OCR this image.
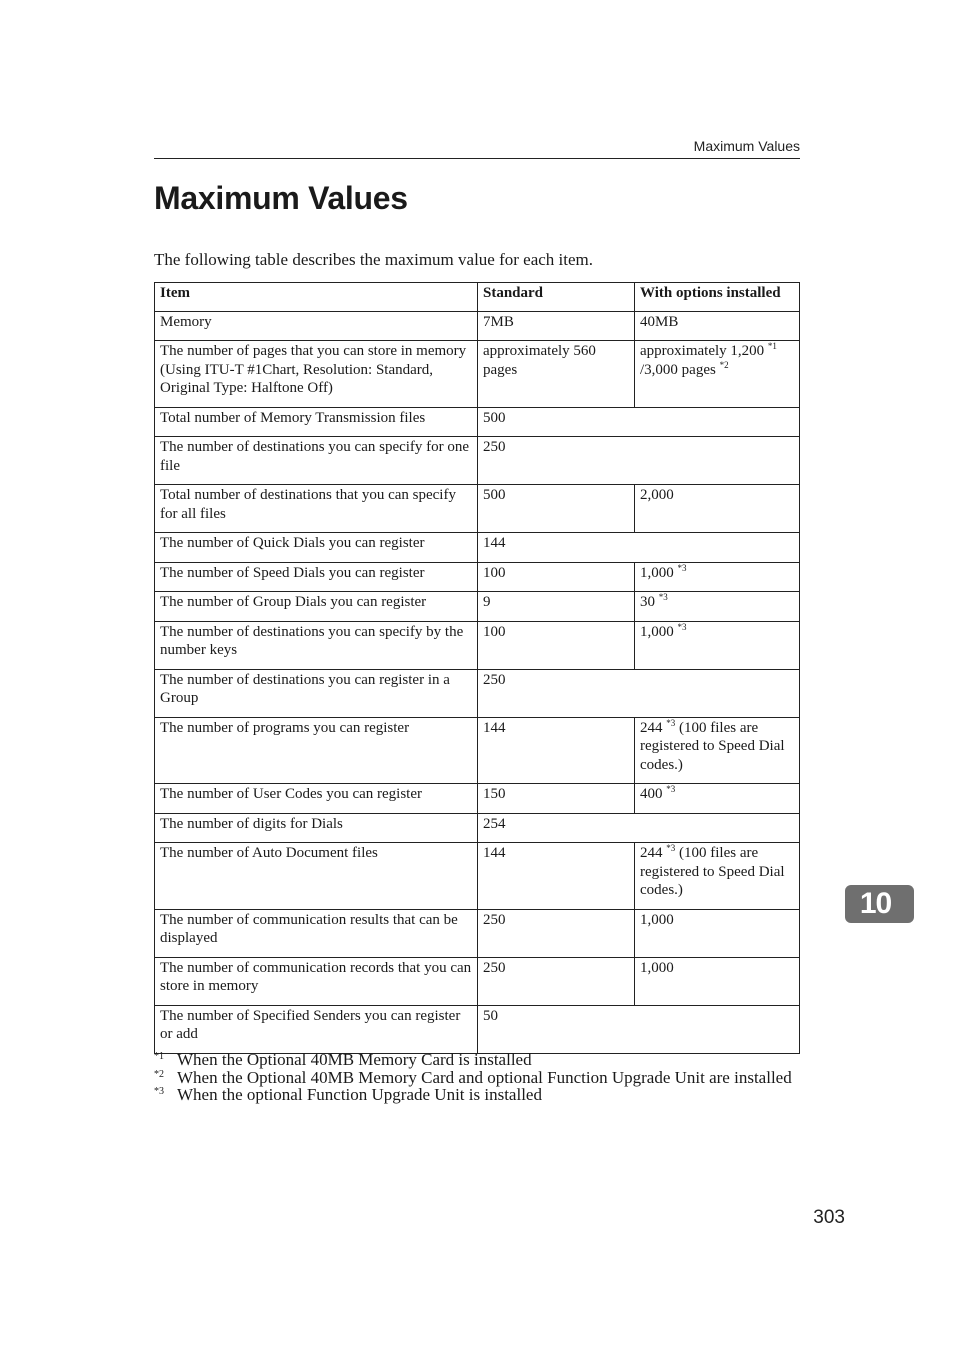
Maximum Values
Maximum Values
The following table describes the maximum value for each item.
Item	Standard	With options installed
Memory	7MB	40MB
The number of pages that you can store in memory (Using ITU-T #1Chart, Resolution: Standard, Original Type: Halftone Off)	approximately 560 pages	approximately 1,200 $^{*1}$
/3,000 pages $^{*2}$
Total number of Memory Transmission files	500	
The number of destinations you can specify for one file	250	
Total number of destinations that you can specify for all files	500	2,000
The number of Quick Dials you can register	144	
The number of Speed Dials you can register	100	1,000 $^{*3}$
The number of Group Dials you can register	9	30 $^{*3}$
The number of destinations you can specify by the number keys	100	1,000 $^{*3}$
The number of destinations you can register in a Group	250	
The number of programs you can register	144	244 $^{*3}$ (100 files are registered to Speed Dial codes.)
The number of User Codes you can register	150	400 $^{*3}$
The number of digits for Dials	254	
The number of Auto Document files	144	244 $^{*3}$ (100 files are registered to Speed Dial codes.)
The number of communication results that can be displayed	250	1,000
The number of communication records that you can store in memory	250	1,000
The number of Specified Senders you can register or add	50	
*1 When the Optional 40MB Memory Card is installed
*2 When the Optional 40MB Memory Card and optional Function Upgrade Unit are installed
*3 When the optional Function Upgrade Unit is installed
10
303
